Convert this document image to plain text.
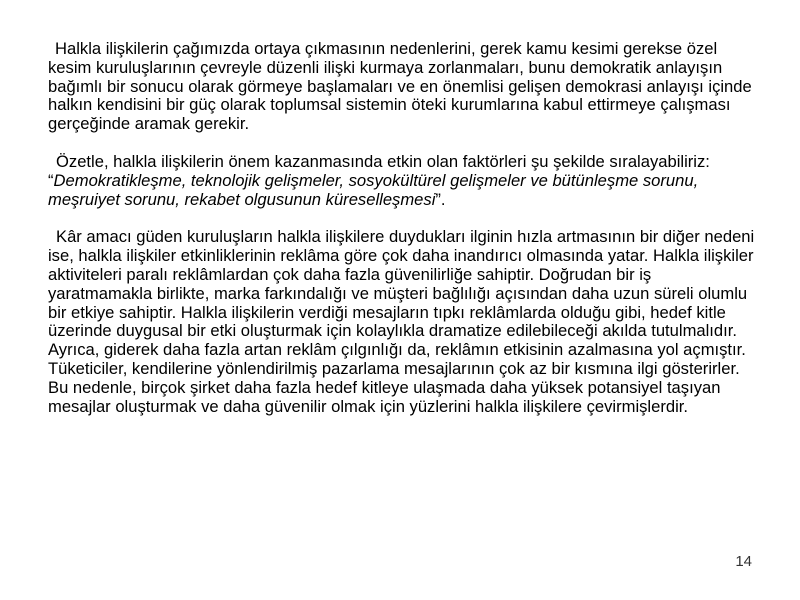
Halkla ilişkilerin çağımızda ortaya çıkmasının nedenlerini, gerek kamu kesimi gerekse özel kesim kuruluşlarının çevreyle düzenli ilişki kurmaya zorlanmaları, bunu demokratik anlayışın bağımlı bir sonucu olarak görmeye başlamaları ve en önemlisi gelişen demokrasi anlayışı içinde halkın kendisini bir güç olarak toplumsal sistemin öteki kurumlarına kabul ettirmeye çalışması gerçeğinde aramak gerekir.

Özetle, halkla ilişkilerin önem kazanmasında etkin olan faktörleri şu şekilde sıralayabiliriz: “Demokratikleşme, teknolojik gelişmeler, sosyokültürel gelişmeler ve bütünleşme sorunu, meşruiyet sorunu, rekabet olgusunun küreselleşmesi”.

Kâr amacı güden kuruluşların halkla ilişkilere duydukları ilginin hızla artmasının bir diğer nedeni ise, halkla ilişkiler etkinliklerinin reklâma göre çok daha inandırıcı olmasında yatar. Halkla ilişkiler aktiviteleri paralı reklâmlardan çok daha fazla güvenilirliğe sahiptir. Doğrudan bir iş yaratmamakla birlikte, marka farkındalığı ve müşteri bağlılığı açısından daha uzun süreli olumlu bir etkiye sahiptir. Halkla ilişkilerin verdiği mesajların tıpkı reklâmlarda olduğu gibi, hedef kitle üzerinde duygusal bir etki oluşturmak için kolaylıkla dramatize edilebileceği akılda tutulmalıdır. Ayrıca, giderek daha fazla artan reklâm çılgınlığı da, reklâmın etkisinin azalmasına yol açmıştır. Tüketiciler, kendilerine yönlendirilmiş pazarlama mesajlarının çok az bir kısmına ilgi gösterirler. Bu nedenle, birçok şirket daha fazla hedef kitleye ulaşmada daha yüksek potansiyel taşıyan mesajlar oluşturmak ve daha güvenilir olmak için yüzlerini halkla ilişkilere çevirmişlerdir.

14
